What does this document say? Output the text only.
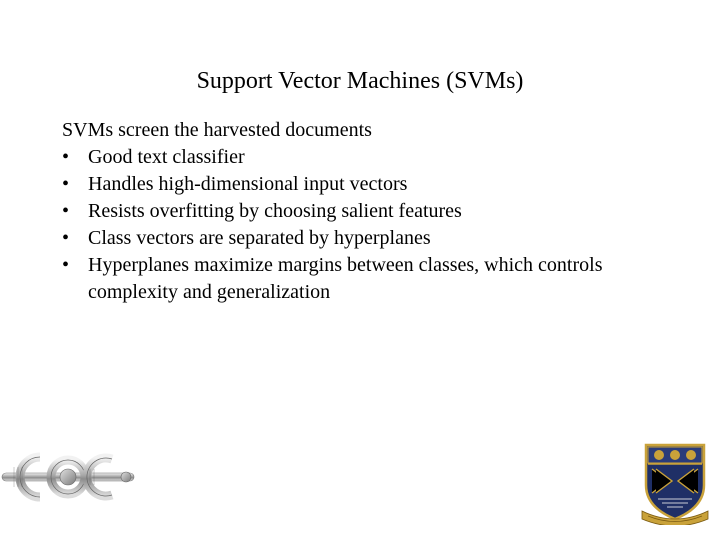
Support Vector Machines (SVMs)

SVMs screen the harvested documents

• Good text classifier
• Handles high-dimensional input vectors
• Resists overfitting by choosing salient features
• Class vectors are separated by hyperplanes
• Hyperplanes maximize margins between classes, which controls complexity and generalization
